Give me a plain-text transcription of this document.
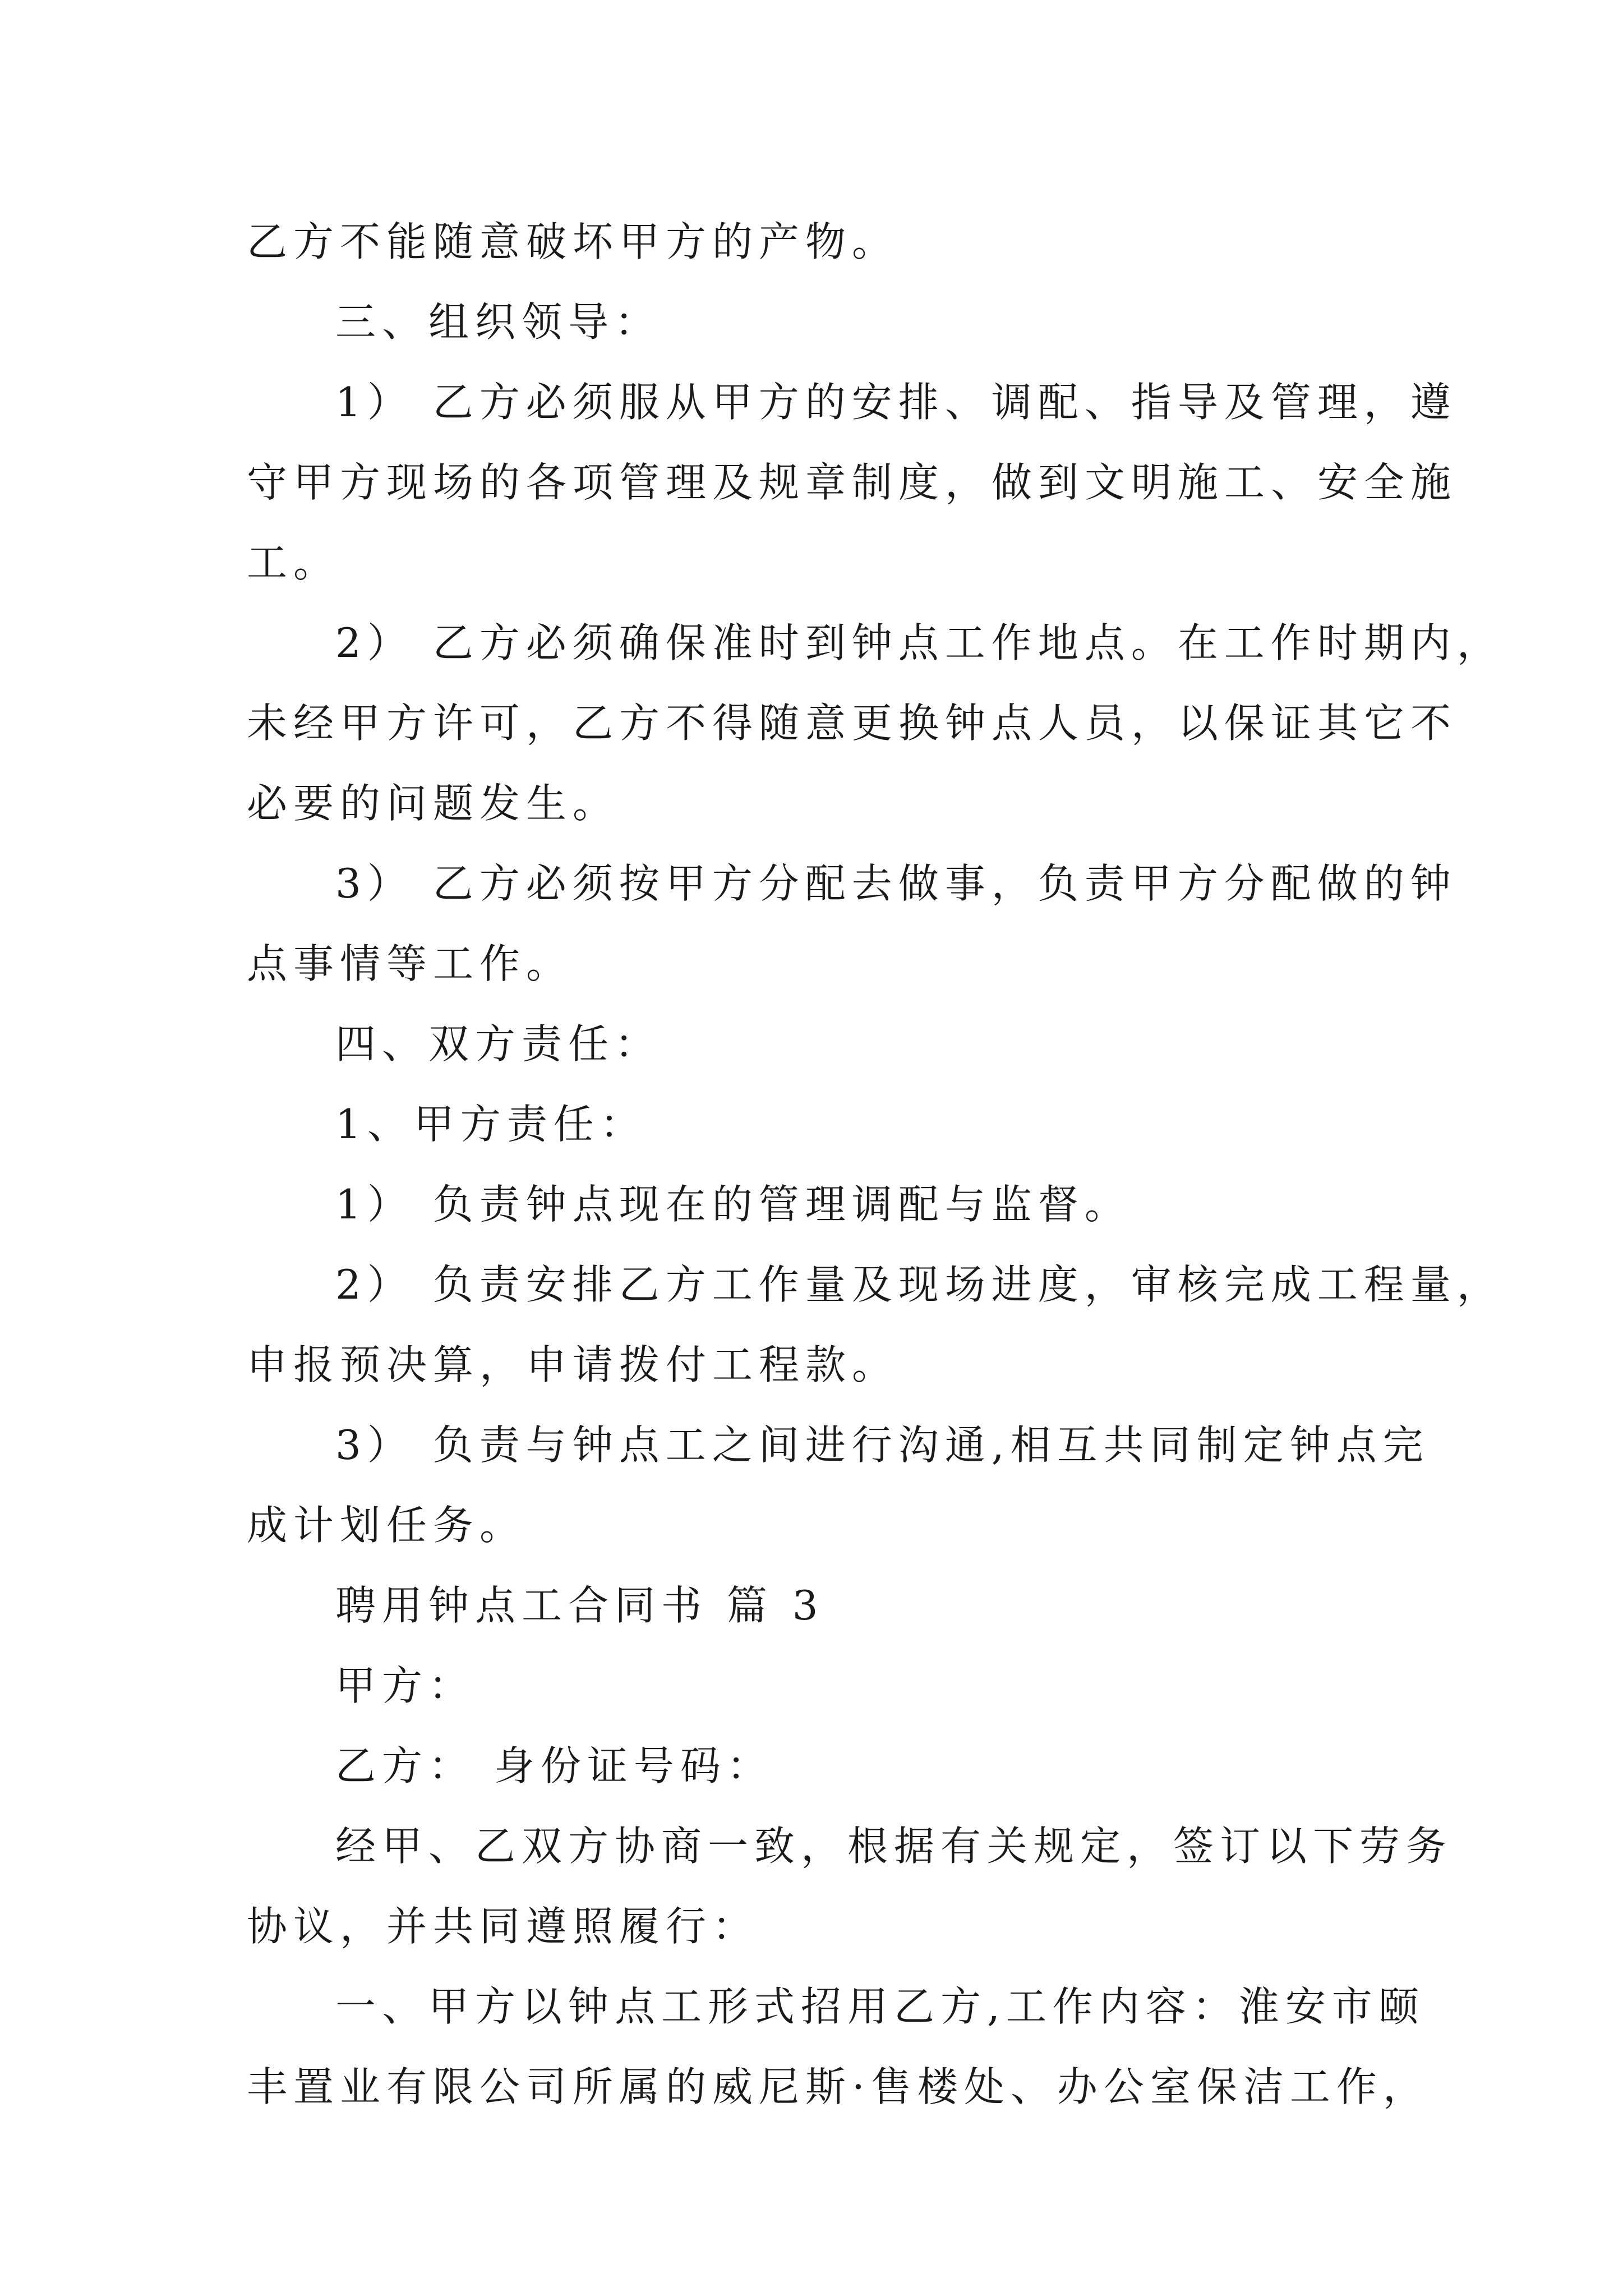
乙方不能随意破坏甲方的产物。
三、组织领导：
1） 乙方必须服从甲方的安排、调配、指导及管理，遵
守甲方现场的各项管理及规章制度，做到文明施工、安全施
工。
2） 乙方必须确保准时到钟点工作地点。在工作时期内，
未经甲方许可，乙方不得随意更换钟点人员，以保证其它不
必要的问题发生。
3） 乙方必须按甲方分配去做事，负责甲方分配做的钟
点事情等工作。
四、双方责任：
1、甲方责任：
1） 负责钟点现在的管理调配与监督。
2） 负责安排乙方工作量及现场进度，审核完成工程量，
申报预决算，申请拨付工程款。
3） 负责与钟点工之间进行沟通,相互共同制定钟点完
成计划任务。
聘用钟点工合同书 篇 3
甲方：
乙方： 身份证号码：
经甲、乙双方协商一致，根据有关规定，签订以下劳务
协议，并共同遵照履行：
一、甲方以钟点工形式招用乙方,工作内容：淮安市颐
丰置业有限公司所属的威尼斯·售楼处、办公室保洁工作，
